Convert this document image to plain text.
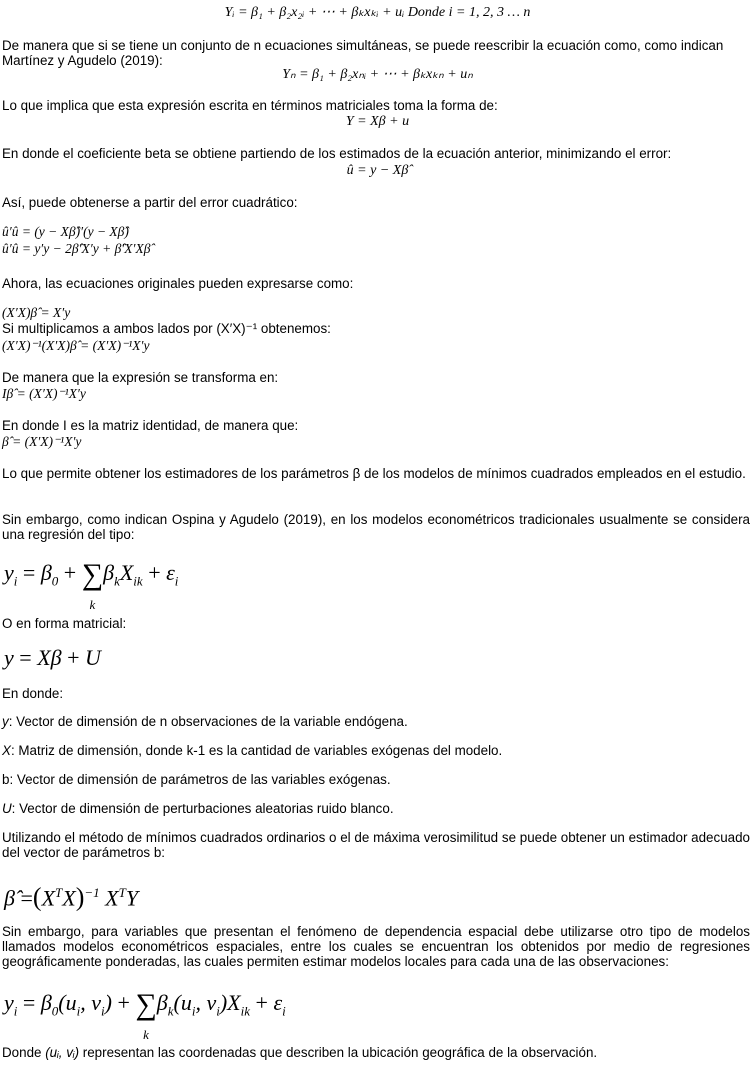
Yᵢ = β₁ + β₂x₂ᵢ + ⋯ + βₖxₖᵢ + uᵢ Donde i = 1, 2, 3 … n

De manera que si se tiene un conjunto de n ecuaciones simultáneas, se puede reescribir la ecuación como, como indican Martínez y Agudelo (2019):

Yₙ = β₁ + β₂xₙᵢ + ⋯ + βₖxₖₙ + uₙ

Lo que implica que esta expresión escrita en términos matriciales toma la forma de:

Y = Xβ + u

En donde el coeficiente beta se obtiene partiendo de los estimados de la ecuación anterior, minimizando el error:

û = y − Xβ̂

Así, puede obtenerse a partir del error cuadrático:

û′û = (y − Xβ̂)′(y − Xβ̂)

û′û = y′y − 2β̂′X′y + β̂′X′Xβ̂

Ahora, las ecuaciones originales pueden expresarse como:

(X′X)β̂ = X′y

Si multiplicamos a ambos lados por (X′X)⁻¹ obtenemos:

(X′X)⁻¹(X′X)β̂ = (X′X)⁻¹X′y

De manera que la expresión se transforma en:

Iβ̂ = (X′X)⁻¹X′y

En donde I es la matriz identidad, de manera que:

β̂ = (X′X)⁻¹X′y

Lo que permite obtener los estimadores de los parámetros β de los modelos de mínimos cuadrados empleados en el estudio.

Sin embargo, como indican Ospina y Agudelo (2019), en los modelos econométricos tradicionales usualmente se considera una regresión del tipo:

$y_i = \beta_0$ + ∑
k
$\beta_kX_{ik} + \varepsilon_i$

O en forma matricial:

y = Xβ + U

En donde:

y: Vector de dimensión de n observaciones de la variable endógena.

X: Matriz de dimensión, donde k-1 es la cantidad de variables exógenas del modelo.

b: Vector de dimensión de parámetros de las variables exógenas.

U: Vector de dimensión de perturbaciones aleatorias ruido blanco.

Utilizando el método de mínimos cuadrados ordinarios o el de máxima verosimilitud se puede obtener un estimador adecuado del vector de parámetros b:

β̂ $=(X^TX)^{-1}$ $X^TY$

Sin embargo, para variables que presentan el fenómeno de dependencia espacial debe utilizarse otro tipo de modelos llamados modelos econométricos espaciales, entre los cuales se encuentran los obtenidos por medio de regresiones geográficamente ponderadas, las cuales permiten estimar modelos locales para cada una de las observaciones:

$y_i = \beta_0(u_i$, $v_i$) + ∑
k
$\beta_k(u_i$, $v_i)X_{ik} + \varepsilon_i$

Donde (uᵢ, vᵢ) representan las coordenadas que describen la ubicación geográfica de la observación.
